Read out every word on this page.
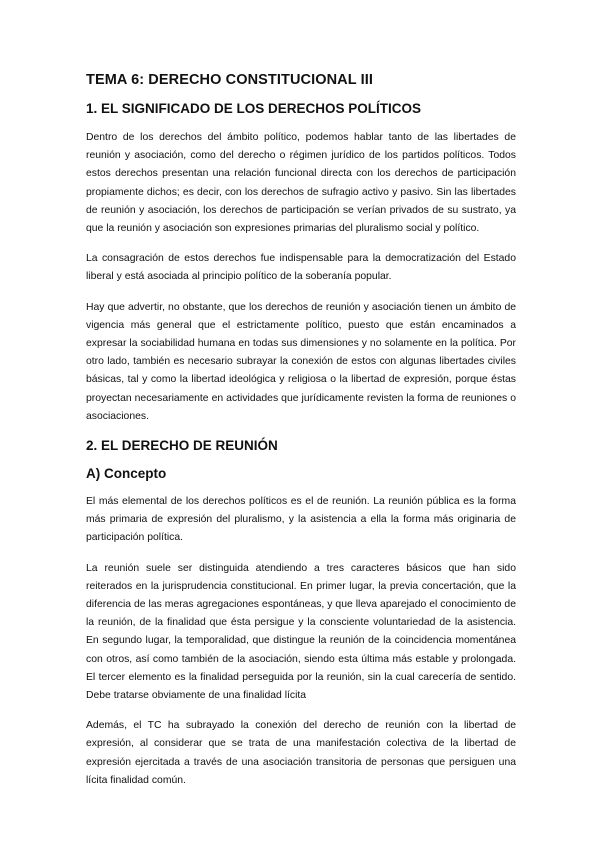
TEMA 6: DERECHO CONSTITUCIONAL III
1. EL SIGNIFICADO DE LOS DERECHOS POLÍTICOS

Dentro de los derechos del ámbito político, podemos hablar tanto de las libertades de reunión y asociación, como del derecho o régimen jurídico de los partidos políticos. Todos estos derechos presentan una relación funcional directa con los derechos de participación propiamente dichos; es decir, con los derechos de sufragio activo y pasivo. Sin las libertades de reunión y asociación, los derechos de participación se verían privados de su sustrato, ya que la reunión y asociación son expresiones primarias del pluralismo social y político.

La consagración de estos derechos fue indispensable para la democratización del Estado liberal y está asociada al principio político de la soberanía popular.

Hay que advertir, no obstante, que los derechos de reunión y asociación tienen un ámbito de vigencia más general que el estrictamente político, puesto que están encaminados a expresar la sociabilidad humana en todas sus dimensiones y no solamente en la política. Por otro lado, también es necesario subrayar la conexión de estos con algunas libertades civiles básicas, tal y como la libertad ideológica y religiosa o la libertad de expresión, porque éstas proyectan necesariamente en actividades que jurídicamente revisten la forma de reuniones o asociaciones.

2. EL DERECHO DE REUNIÓN
A) Concepto

El más elemental de los derechos políticos es el de reunión. La reunión pública es la forma más primaria de expresión del pluralismo, y la asistencia a ella la forma más originaria de participación política.

La reunión suele ser distinguida atendiendo a tres caracteres básicos que han sido reiterados en la jurisprudencia constitucional. En primer lugar, la previa concertación, que la diferencia de las meras agregaciones espontáneas, y que lleva aparejado el conocimiento de la reunión, de la finalidad que ésta persigue y la consciente voluntariedad de la asistencia. En segundo lugar, la temporalidad, que distingue la reunión de la coincidencia momentánea con otros, así como también de la asociación, siendo esta última más estable y prolongada. El tercer elemento es la finalidad perseguida por la reunión, sin la cual carecería de sentido. Debe tratarse obviamente de una finalidad lícita

Además, el TC ha subrayado la conexión del derecho de reunión con la libertad de expresión, al considerar que se trata de una manifestación colectiva de la libertad de expresión ejercitada a través de una asociación transitoria de personas que persiguen una lícita finalidad común.
